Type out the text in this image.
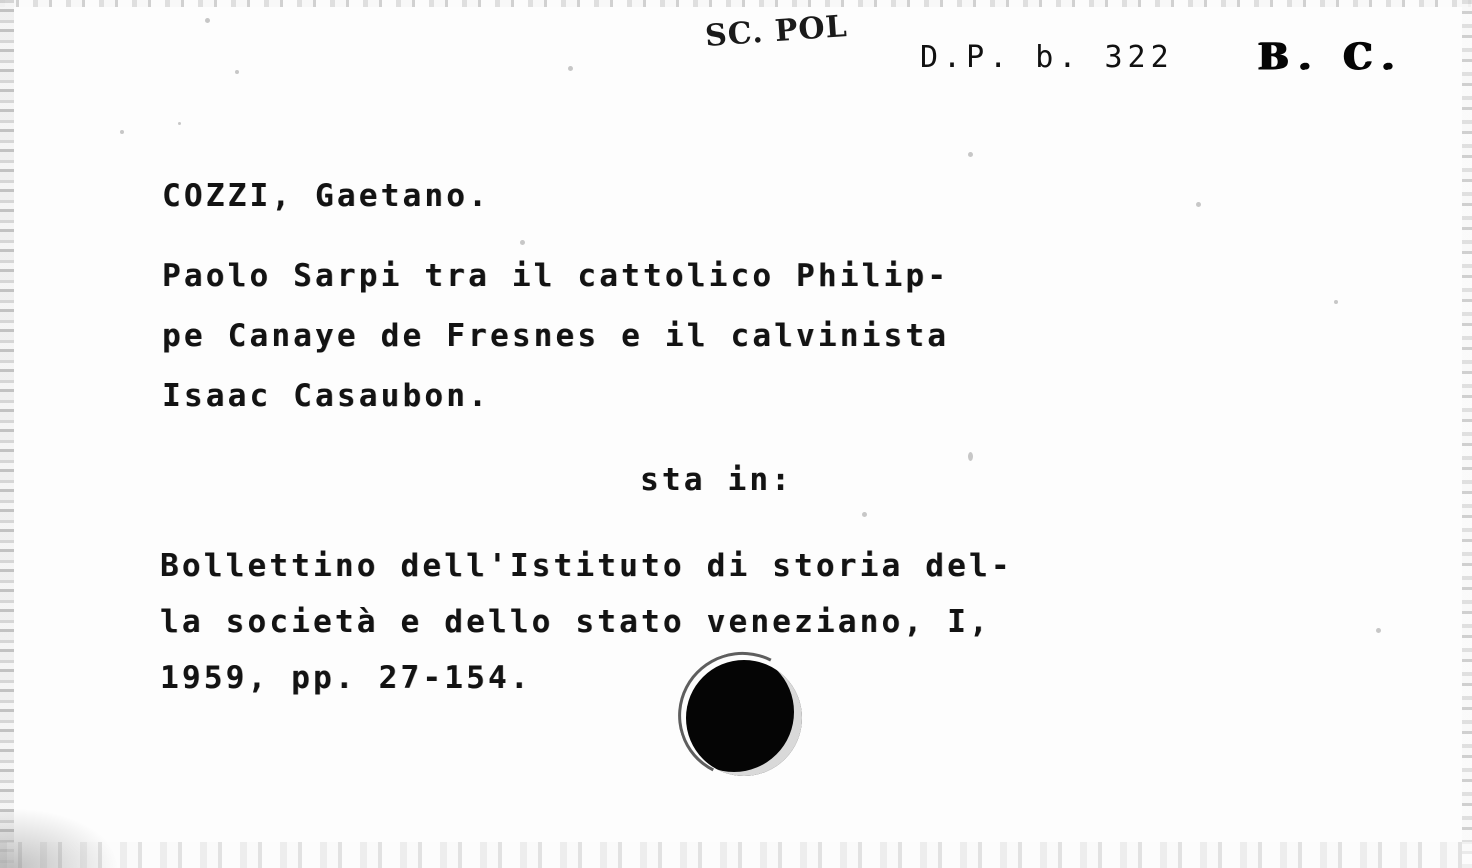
SC. POL
D.P. b. 322 B. C.
COZZI, Gaetano.
Paolo Sarpi tra il cattolico Philip-
pe Canaye de Fresnes e il calvinista
Isaac Casaubon.
sta in:
Bollettino dell'Istituto di storia del-
la società e dello stato veneziano, I,
1959, pp. 27-154.
